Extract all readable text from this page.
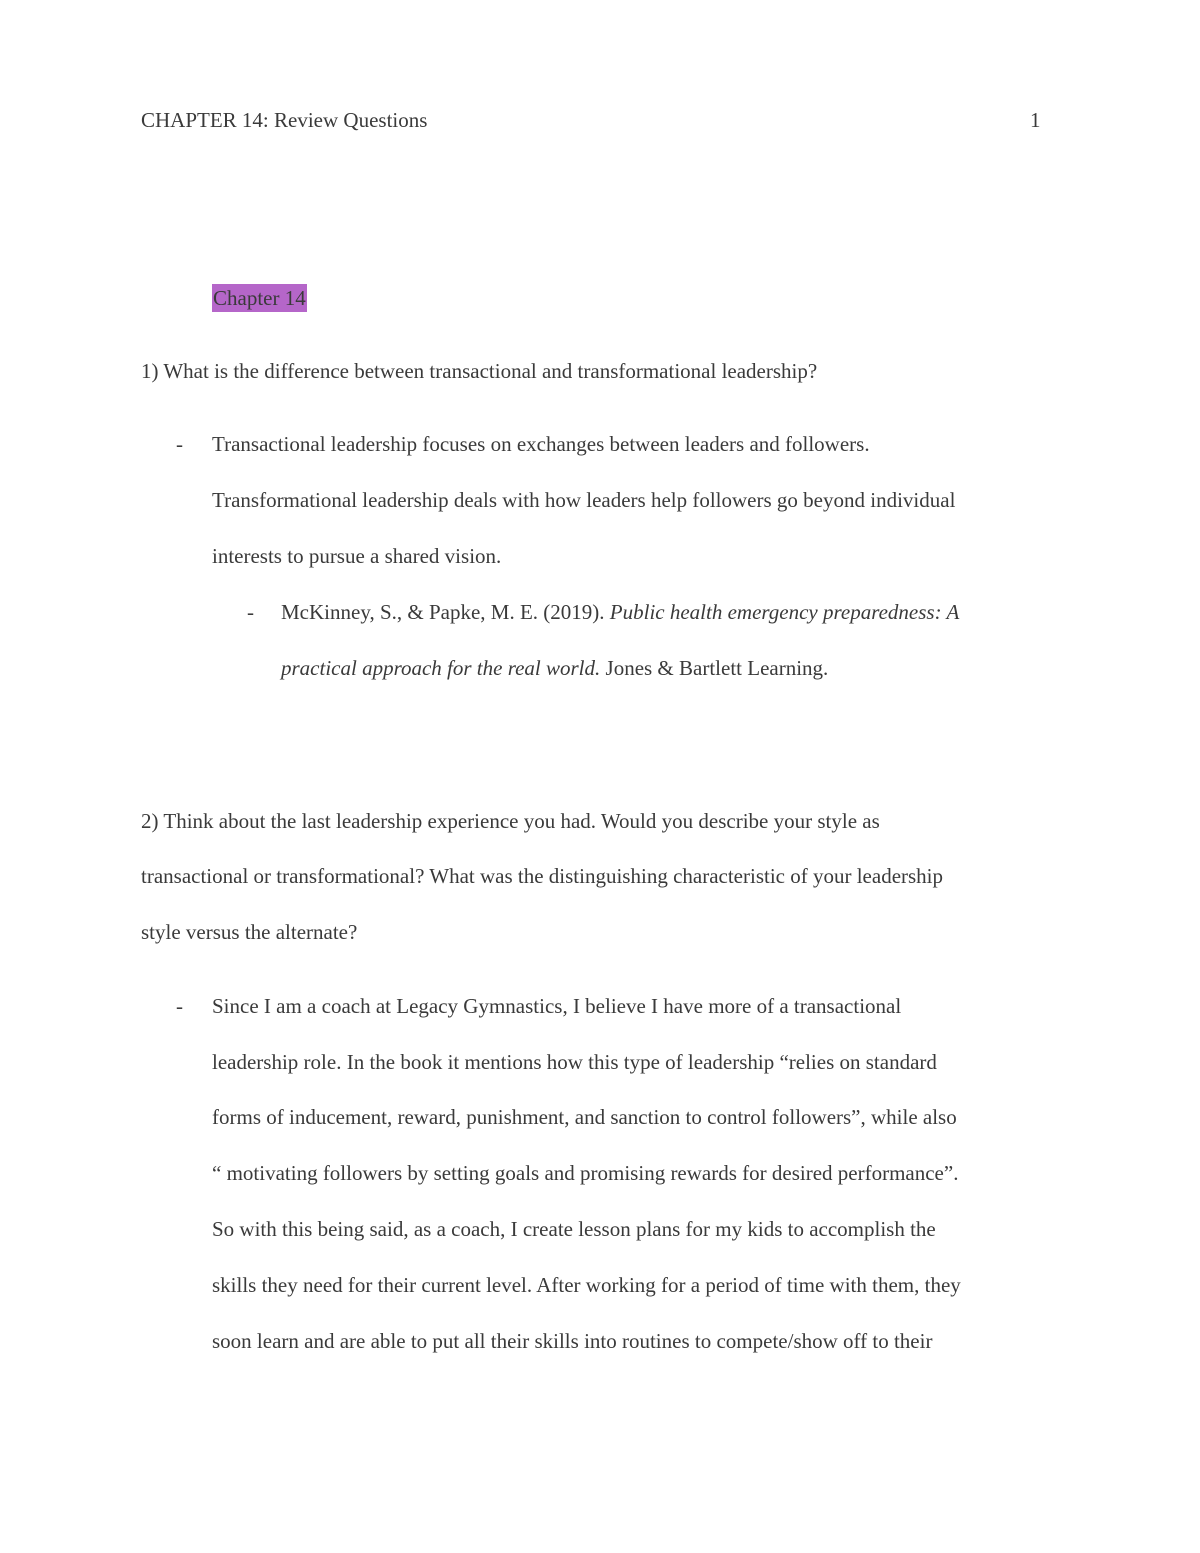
CHAPTER 14: Review Questions	1
Chapter 14
1) What is the difference between transactional and transformational leadership?
- Transactional leadership focuses on exchanges between leaders and followers.
Transformational leadership deals with how leaders help followers go beyond individual
interests to pursue a shared vision.
- McKinney, S., & Papke, M. E. (2019). Public health emergency preparedness: A
practical approach for the real world. Jones & Bartlett Learning.
2) Think about the last leadership experience you had. Would you describe your style as
transactional or transformational? What was the distinguishing characteristic of your leadership
style versus the alternate?
- Since I am a coach at Legacy Gymnastics, I believe I have more of a transactional
leadership role. In the book it mentions how this type of leadership “relies on standard
forms of inducement, reward, punishment, and sanction to control followers”, while also
“ motivating followers by setting goals and promising rewards for desired performance”.
So with this being said, as a coach, I create lesson plans for my kids to accomplish the
skills they need for their current level. After working for a period of time with them, they
soon learn and are able to put all their skills into routines to compete/show off to their
